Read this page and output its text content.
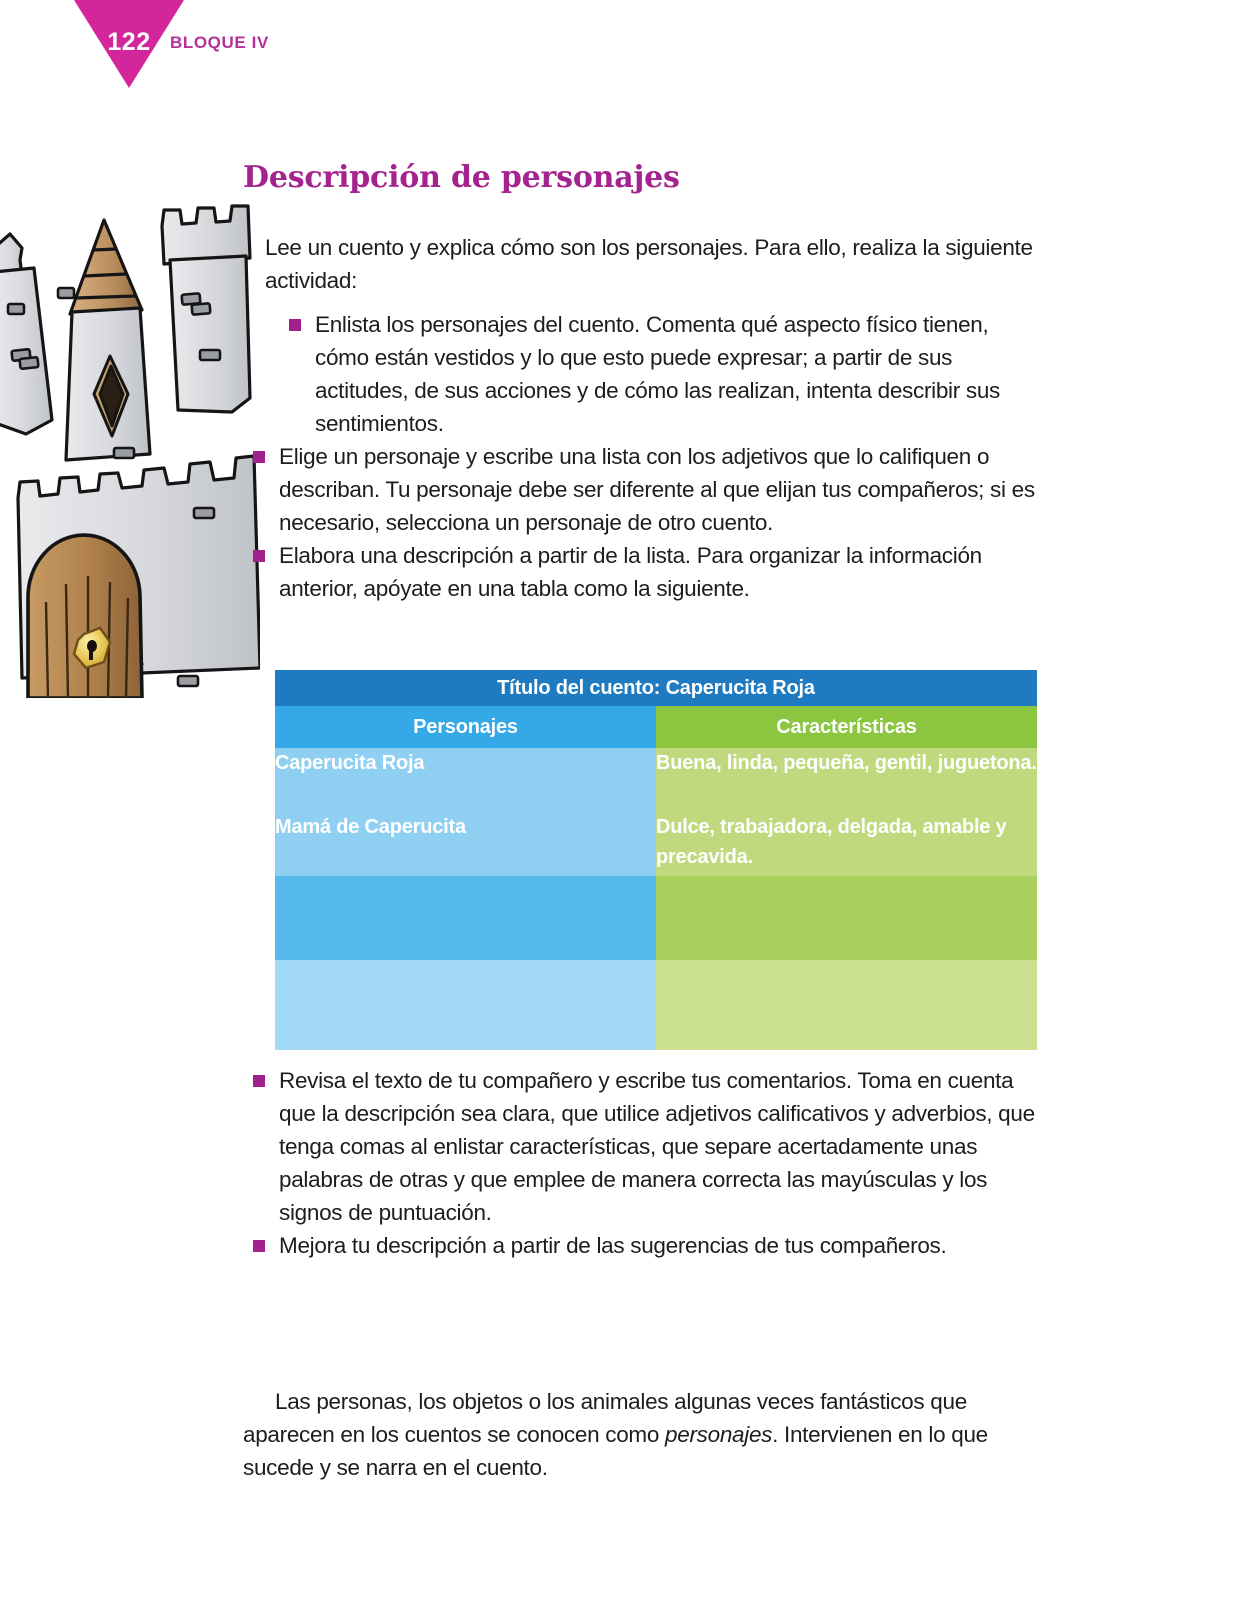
122	BLOQUE IV
Descripción de personajes

Lee un cuento y explica cómo son los personajes. Para ello, realiza la siguiente actividad:

Enlista los personajes del cuento. Comenta qué aspecto físico tienen, cómo están vestidos y lo que esto puede expresar; a partir de sus actitudes, de sus acciones y de cómo las realizan, intenta describir sus sentimientos.
Elige un personaje y escribe una lista con los adjetivos que lo califiquen o describan. Tu personaje debe ser diferente al que elijan tus compañeros; si es necesario, selecciona un personaje de otro cuento.
Elabora una descripción a partir de la lista. Para organizar la información anterior, apóyate en una tabla como la siguiente.
Título del cuento: Caperucita Roja	
Personajes	Características
Caperucita Roja	Buena, linda, pequeña, gentil, juguetona.
Mamá de Caperucita	Dulce, trabajadora, delgada, amable y precavida.

Revisa el texto de tu compañero y escribe tus comentarios. Toma en cuenta que la descripción sea clara, que utilice adjetivos calificativos y adverbios, que tenga comas al enlistar características, que separe acertadamente unas palabras de otras y que emplee de manera correcta las mayúsculas y los signos de puntuación.
Mejora tu descripción a partir de las sugerencias de tus compañeros.

Las personas, los objetos o los animales algunas veces fantásticos que aparecen en los cuentos se conocen como personajes. Intervienen en lo que sucede y se narra en el cuento.
